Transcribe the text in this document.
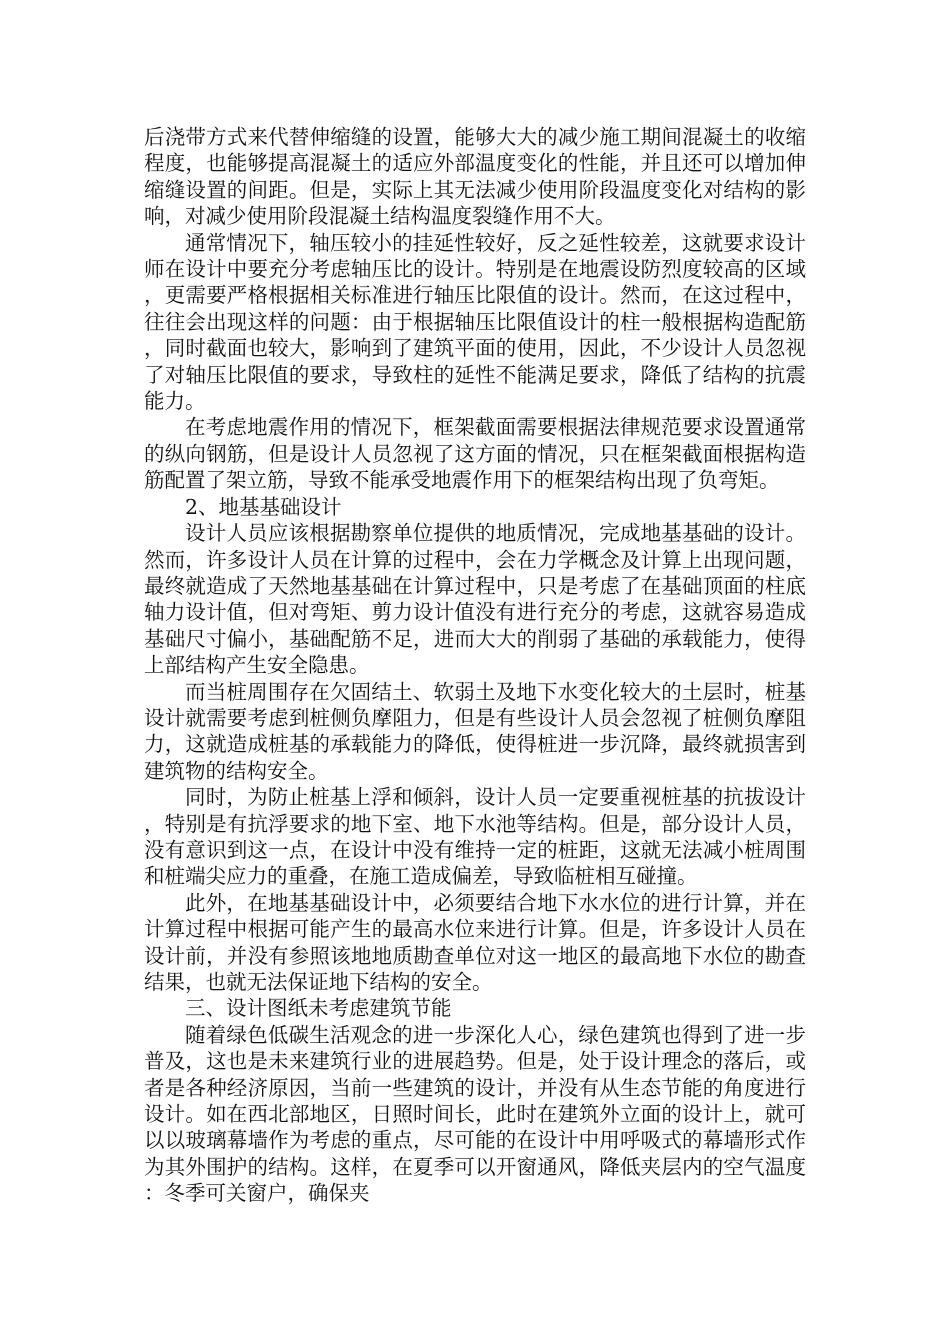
后浇带方式来代替伸缩缝的设置，能够大大的减少施工期间混凝土的收缩程度，也能够提高混凝土的适应外部温度变化的性能，并且还可以增加伸缩缝设置的间距。但是，实际上其无法减少使用阶段温度变化对结构的影响，对减少使用阶段混凝土结构温度裂缝作用不大。

通常情况下，轴压较小的挂延性较好，反之延性较差，这就要求设计师在设计中要充分考虑轴压比的设计。特别是在地震设防烈度较高的区域，更需要严格根据相关标准进行轴压比限值的设计。然而，在这过程中，往往会出现这样的问题：由于根据轴压比限值设计的柱一般根据构造配筋，同时截面也较大，影响到了建筑平面的使用，因此，不少设计人员忽视了对轴压比限值的要求，导致柱的延性不能满足要求，降低了结构的抗震能力。

在考虑地震作用的情况下，框架截面需要根据法律规范要求设置通常的纵向钢筋，但是设计人员忽视了这方面的情况，只在框架截面根据构造筋配置了架立筋，导致不能承受地震作用下的框架结构出现了负弯矩。

2、地基基础设计

设计人员应该根据勘察单位提供的地质情况，完成地基基础的设计。然而，许多设计人员在计算的过程中，会在力学概念及计算上出现问题，最终就造成了天然地基基础在计算过程中，只是考虑了在基础顶面的柱底轴力设计值，但对弯矩、剪力设计值没有进行充分的考虑，这就容易造成基础尺寸偏小，基础配筋不足，进而大大的削弱了基础的承载能力，使得上部结构产生安全隐患。

而当桩周围存在欠固结土、软弱土及地下水变化较大的土层时，桩基设计就需要考虑到桩侧负摩阻力，但是有些设计人员会忽视了桩侧负摩阻力，这就造成桩基的承载能力的降低，使得桩进一步沉降，最终就损害到建筑物的结构安全。

同时，为防止桩基上浮和倾斜，设计人员一定要重视桩基的抗拔设计，特别是有抗浮要求的地下室、地下水池等结构。但是，部分设计人员，没有意识到这一点，在设计中没有维持一定的桩距，这就无法减小桩周围和桩端尖应力的重叠，在施工造成偏差，导致临桩相互碰撞。

此外，在地基基础设计中，必须要结合地下水水位的进行计算，并在计算过程中根据可能产生的最高水位来进行计算。但是，许多设计人员在设计前，并没有参照该地地质勘查单位对这一地区的最高地下水位的勘查结果，也就无法保证地下结构的安全。

三、设计图纸未考虑建筑节能

随着绿色低碳生活观念的进一步深化人心，绿色建筑也得到了进一步普及，这也是未来建筑行业的进展趋势。但是，处于设计理念的落后，或者是各种经济原因，当前一些建筑的设计，并没有从生态节能的角度进行设计。如在西北部地区，日照时间长，此时在建筑外立面的设计上，就可以以玻璃幕墙作为考虑的重点，尽可能的在设计中用呼吸式的幕墙形式作为其外围护的结构。这样，在夏季可以开窗通风，降低夹层内的空气温度：冬季可关窗户，确保夹
